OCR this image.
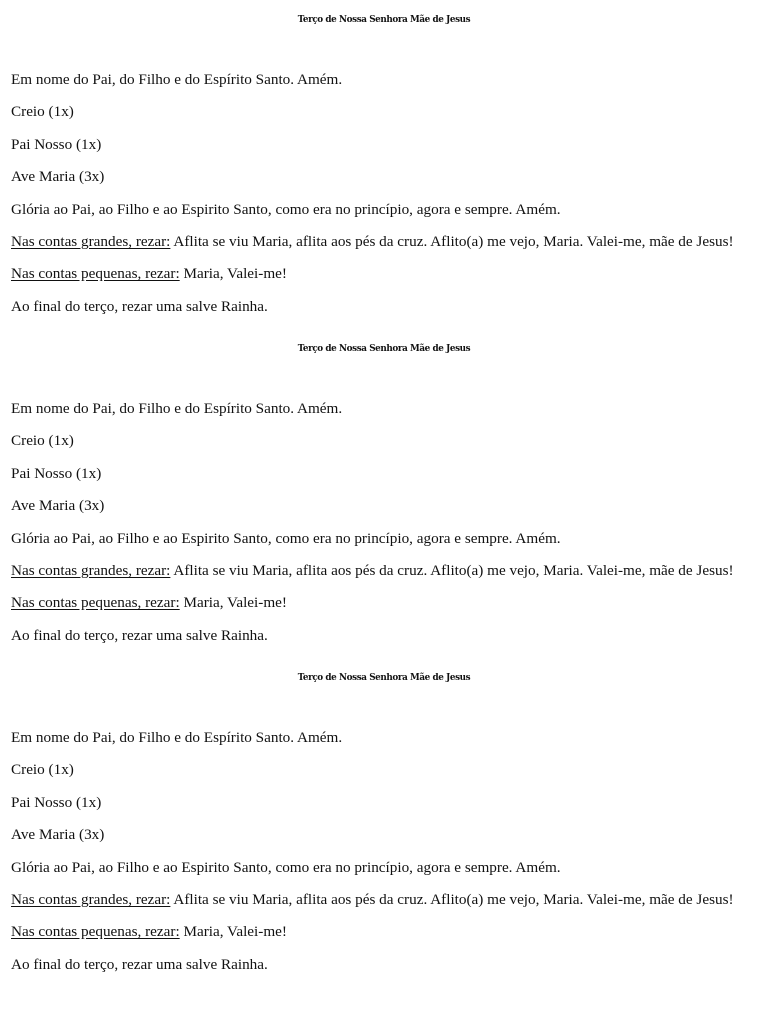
Terço de Nossa Senhora Mãe de Jesus

Em nome do Pai, do Filho e do Espírito Santo. Amém.

Creio (1x)

Pai Nosso (1x)

Ave Maria (3x)

Glória ao Pai, ao Filho e ao Espirito Santo, como era no princípio, agora e sempre. Amém.

Nas contas grandes, rezar: Aflita se viu Maria, aflita aos pés da cruz. Aflito(a) me vejo, Maria. Valei-me, mãe de Jesus!

Nas contas pequenas, rezar: Maria, Valei-me!

Ao final do terço, rezar uma salve Rainha.

Terço de Nossa Senhora Mãe de Jesus

Em nome do Pai, do Filho e do Espírito Santo. Amém.

Creio (1x)

Pai Nosso (1x)

Ave Maria (3x)

Glória ao Pai, ao Filho e ao Espirito Santo, como era no princípio, agora e sempre. Amém.

Nas contas grandes, rezar: Aflita se viu Maria, aflita aos pés da cruz. Aflito(a) me vejo, Maria. Valei-me, mãe de Jesus!

Nas contas pequenas, rezar: Maria, Valei-me!

Ao final do terço, rezar uma salve Rainha.

Terço de Nossa Senhora Mãe de Jesus

Em nome do Pai, do Filho e do Espírito Santo. Amém.

Creio (1x)

Pai Nosso (1x)

Ave Maria (3x)

Glória ao Pai, ao Filho e ao Espirito Santo, como era no princípio, agora e sempre. Amém.

Nas contas grandes, rezar: Aflita se viu Maria, aflita aos pés da cruz. Aflito(a) me vejo, Maria. Valei-me, mãe de Jesus!

Nas contas pequenas, rezar: Maria, Valei-me!

Ao final do terço, rezar uma salve Rainha.
